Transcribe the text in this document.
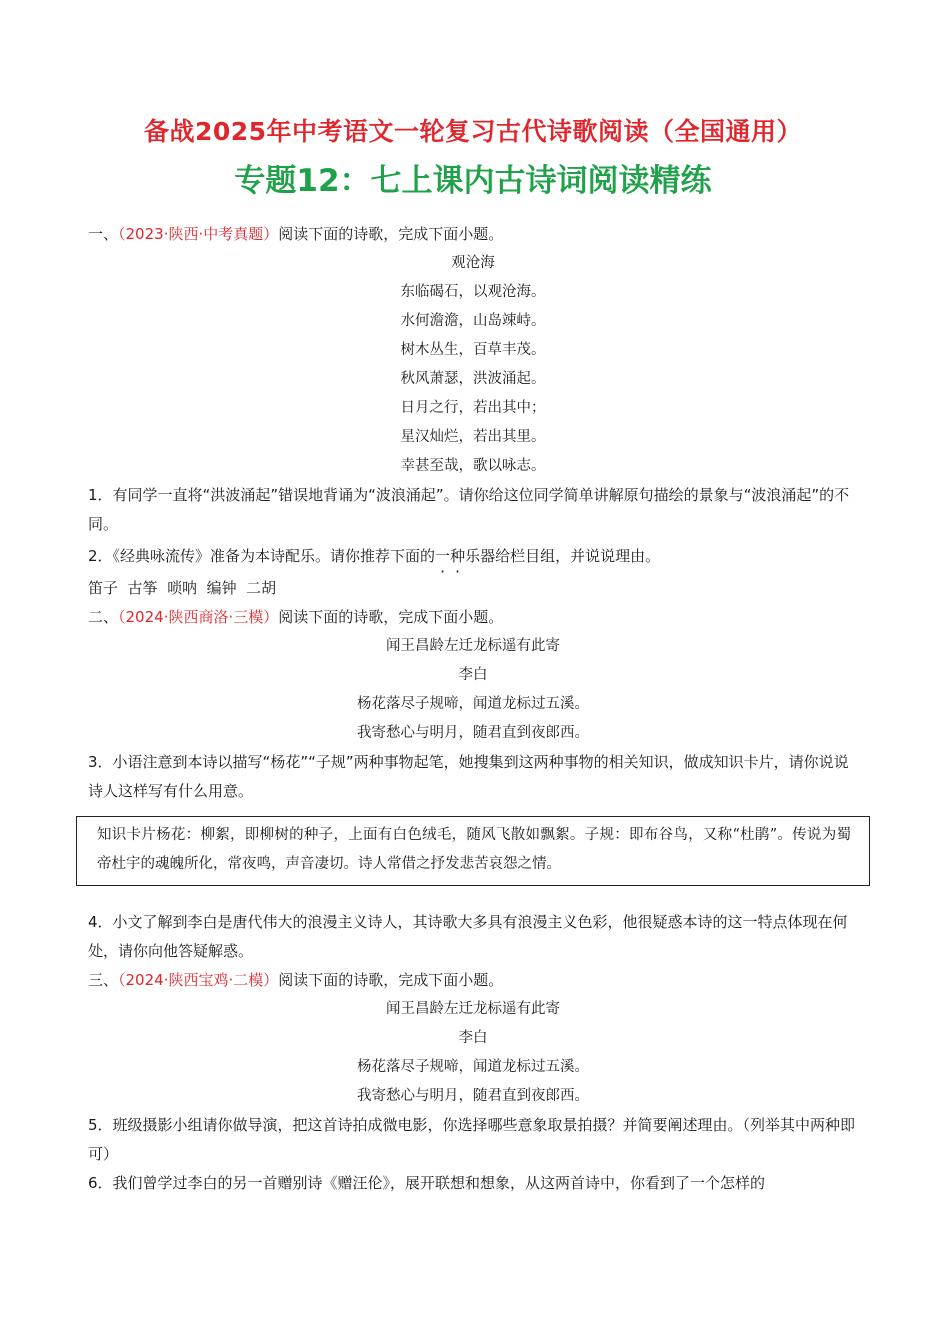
备战2025年中考语文一轮复习古代诗歌阅读（全国通用）
专题12：七上课内古诗词阅读精练
一、（2023·陕西·中考真题）阅读下面的诗歌，完成下面小题。
观沧海
东临碣石，以观沧海。
水何澹澹，山岛竦峙。
树木丛生，百草丰茂。
秋风萧瑟，洪波涌起。
日月之行，若出其中；
星汉灿烂，若出其里。
幸甚至哉，歌以咏志。
1．有同学一直将“洪波涌起”错误地背诵为“波浪涌起”。请你给这位同学简单讲解原句描绘的景象与“波浪涌起”的不同。
2．《经典咏流传》准备为本诗配乐。请你推荐下面的一种乐器给栏目组，并说说理由。
笛子  古筝  唢呐  编钟  二胡
二、（2024·陕西商洛·三模）阅读下面的诗歌，完成下面小题。
闻王昌龄左迁龙标遥有此寄
李白
杨花落尽子规啼，闻道龙标过五溪。
我寄愁心与明月，随君直到夜郎西。
3．小语注意到本诗以描写“杨花”“子规”两种事物起笔，她搜集到这两种事物的相关知识，做成知识卡片，请你说说诗人这样写有什么用意。
知识卡片杨花：柳絮，即柳树的种子，上面有白色绒毛，随风飞散如飘絮。子规：即布谷鸟，又称“杜鹃”。传说为蜀帝杜宇的魂魄所化，常夜鸣，声音凄切。诗人常借之抒发悲苦哀怨之情。
4．小文了解到李白是唐代伟大的浪漫主义诗人，其诗歌大多具有浪漫主义色彩，他很疑惑本诗的这一特点体现在何处，请你向他答疑解惑。
三、（2024·陕西宝鸡·二模）阅读下面的诗歌，完成下面小题。
闻王昌龄左迁龙标遥有此寄
李白
杨花落尽子规啼，闻道龙标过五溪。
我寄愁心与明月，随君直到夜郎西。
5．班级摄影小组请你做导演，把这首诗拍成微电影，你选择哪些意象取景拍摄？并简要阐述理由。（列举其中两种即可）
6．我们曾学过李白的另一首赠别诗《赠汪伦》，展开联想和想象，从这两首诗中，你看到了一个怎样的
